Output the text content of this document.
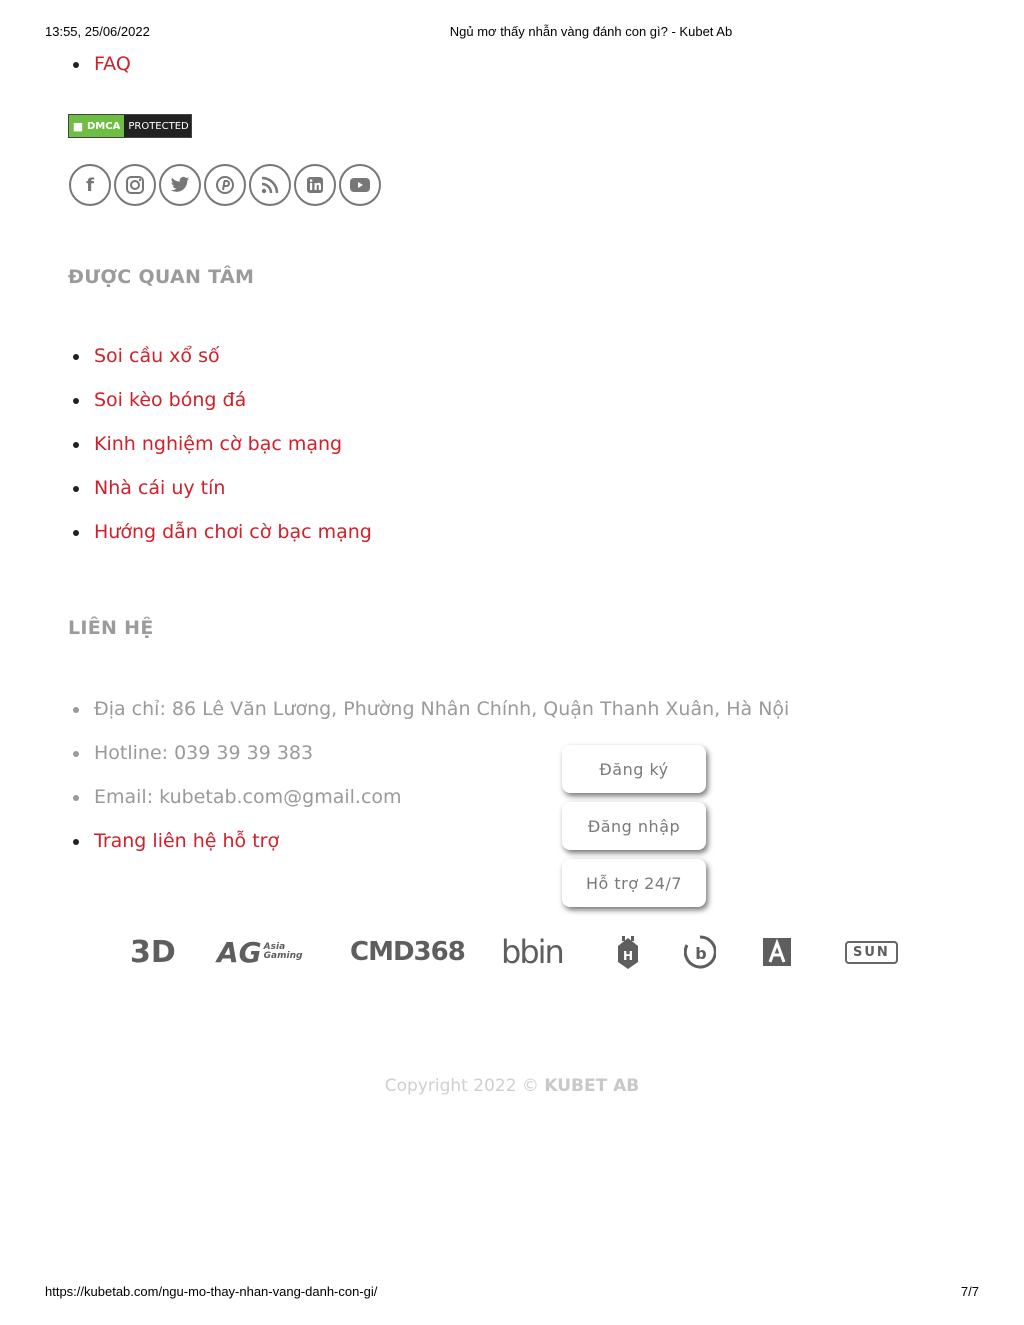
13:55, 25/06/2022	Ngủ mơ thấy nhẫn vàng đánh con gì? - Kubet Ab
FAQ
■ DMCA PROTECTED
f
ĐƯỢC QUAN TÂM
Soi cầu xổ số
Soi kèo bóng đá
Kinh nghiệm cờ bạc mạng
Nhà cái uy tín
Hướng dẫn chơi cờ bạc mạng
LIÊN HỆ
Địa chỉ: 86 Lê Văn Lương, Phường Nhân Chính, Quận Thanh Xuân, Hà Nội
Hotline: 039 39 39 383
Email: kubetab.com@gmail.com
Trang liên hệ hỗ trợ
Đăng ký
Đăng nhập
Hỗ trợ 24/7
3D AG Asia
Gaming CMD368 bbin	H	b	SUN
Copyright 2022 © KUBET AB
https://kubetab.com/ngu-mo-thay-nhan-vang-danh-con-gi/	7/7
